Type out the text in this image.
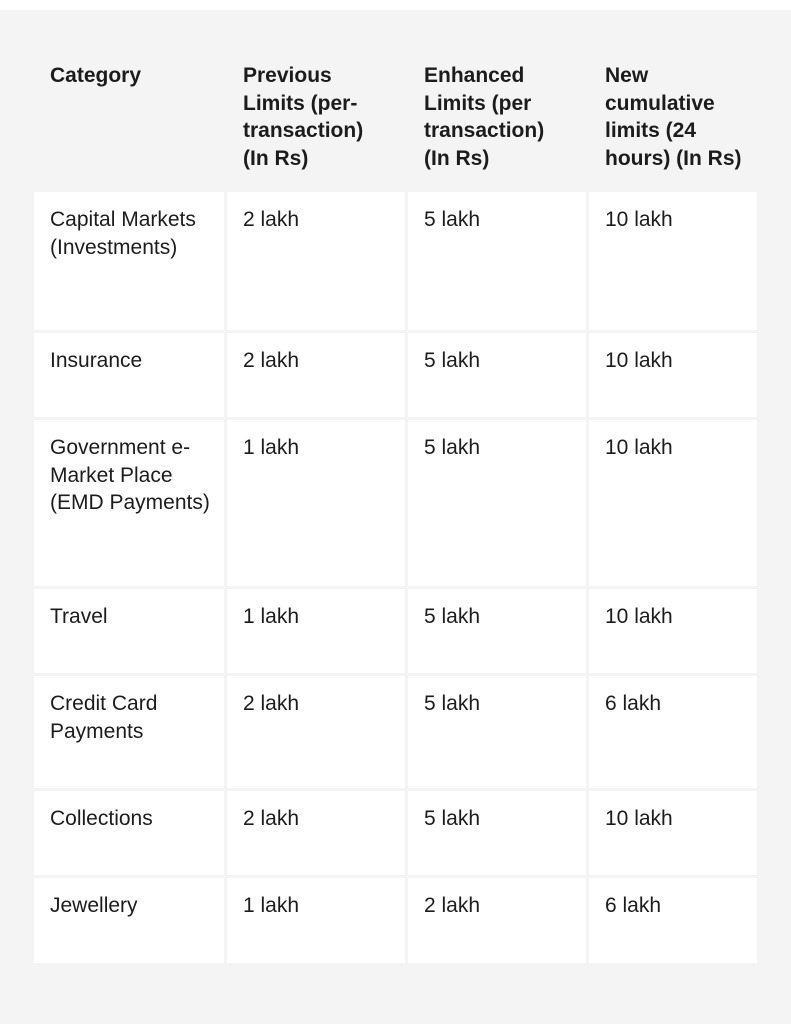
Category	Previous Limits (per-transaction) (In Rs)	Enhanced Limits (per transaction) (In Rs)	New cumulative limits (24 hours) (In Rs)
Capital Markets (Investments)	2 lakh	5 lakh	10 lakh
Insurance	2 lakh	5 lakh	10 lakh
Government e-Market Place (EMD Payments)	1 lakh	5 lakh	10 lakh
Travel	1 lakh	5 lakh	10 lakh
Credit Card Payments	2 lakh	5 lakh	6 lakh
Collections	2 lakh	5 lakh	10 lakh
Jewellery	1 lakh	2 lakh	6 lakh
